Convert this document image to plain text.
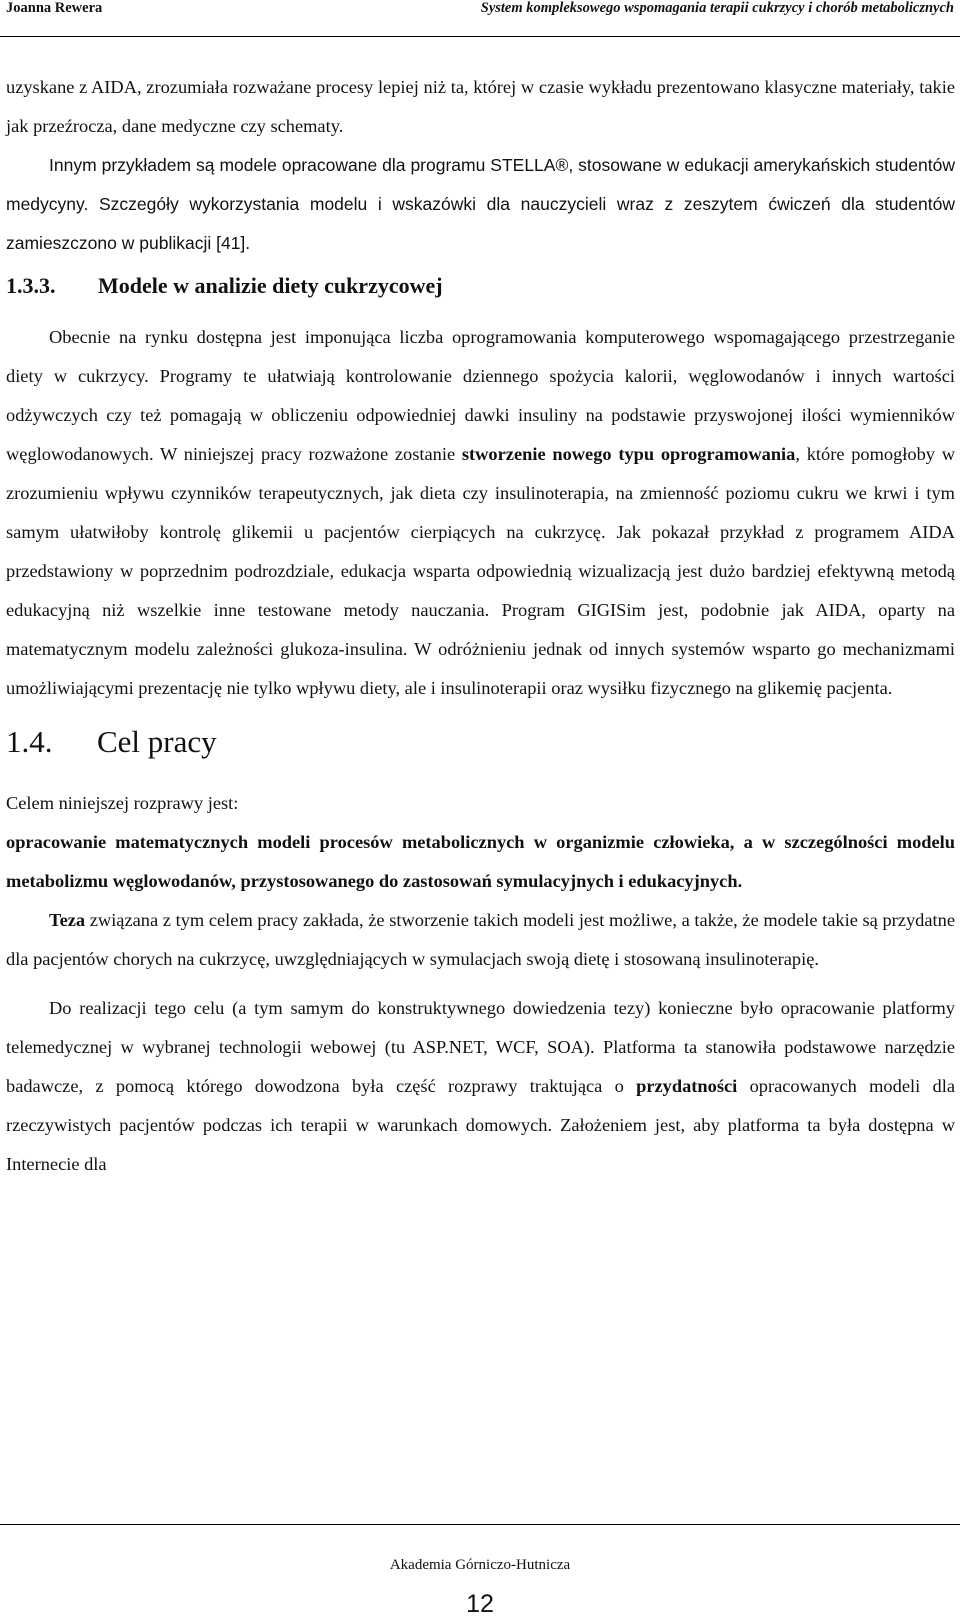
Joanna Rewera	System kompleksowego wspomagania terapii cukrzycy i chorób metabolicznych

uzyskane z AIDA, zrozumiała rozważane procesy lepiej niż ta, której w czasie wykładu prezentowano klasyczne materiały, takie jak przeźrocza, dane medyczne czy schematy.

Innym przykładem są modele opracowane dla programu STELLA®, stosowane w edukacji amerykańskich studentów medycyny. Szczegóły wykorzystania modelu i wskazówki dla nauczycieli wraz z zeszytem ćwiczeń dla studentów zamieszczono w publikacji [41].

1.3.3. Modele w analizie diety cukrzycowej

Obecnie na rynku dostępna jest imponująca liczba oprogramowania komputerowego wspomagającego przestrzeganie diety w cukrzycy. Programy te ułatwiają kontrolowanie dziennego spożycia kalorii, węglowodanów i innych wartości odżywczych czy też pomagają w obliczeniu odpowiedniej dawki insuliny na podstawie przyswojonej ilości wymienników węglowodanowych. W niniejszej pracy rozważone zostanie stworzenie nowego typu oprogramowania, które pomogłoby w zrozumieniu wpływu czynników terapeutycznych, jak dieta czy insulinoterapia, na zmienność poziomu cukru we krwi i tym samym ułatwiłoby kontrolę glikemii u pacjentów cierpiących na cukrzycę. Jak pokazał przykład z programem AIDA przedstawiony w poprzednim podrozdziale, edukacja wsparta odpowiednią wizualizacją jest dużo bardziej efektywną metodą edukacyjną niż wszelkie inne testowane metody nauczania. Program GIGISim jest, podobnie jak AIDA, oparty na matematycznym modelu zależności glukoza-insulina. W odróżnieniu jednak od innych systemów wsparto go mechanizmami umożliwiającymi prezentację nie tylko wpływu diety, ale i insulinoterapii oraz wysiłku fizycznego na glikemię pacjenta.

1.4. Cel pracy

Celem niniejszej rozprawy jest:

opracowanie matematycznych modeli procesów metabolicznych w organizmie człowieka, a w szczególności modelu metabolizmu węglowodanów, przystosowanego do zastosowań symulacyjnych i edukacyjnych.

Teza związana z tym celem pracy zakłada, że stworzenie takich modeli jest możliwe, a także, że modele takie są przydatne dla pacjentów chorych na cukrzycę, uwzględniających w symulacjach swoją dietę i stosowaną insulinoterapię.

Do realizacji tego celu (a tym samym do konstruktywnego dowiedzenia tezy) konieczne było opracowanie platformy telemedycznej w wybranej technologii webowej (tu ASP.NET, WCF, SOA). Platforma ta stanowiła podstawowe narzędzie badawcze, z pomocą którego dowodzona była część rozprawy traktująca o przydatności opracowanych modeli dla rzeczywistych pacjentów podczas ich terapii w warunkach domowych. Założeniem jest, aby platforma ta była dostępna w Internecie dla

Akademia Górniczo-Hutnicza
12
